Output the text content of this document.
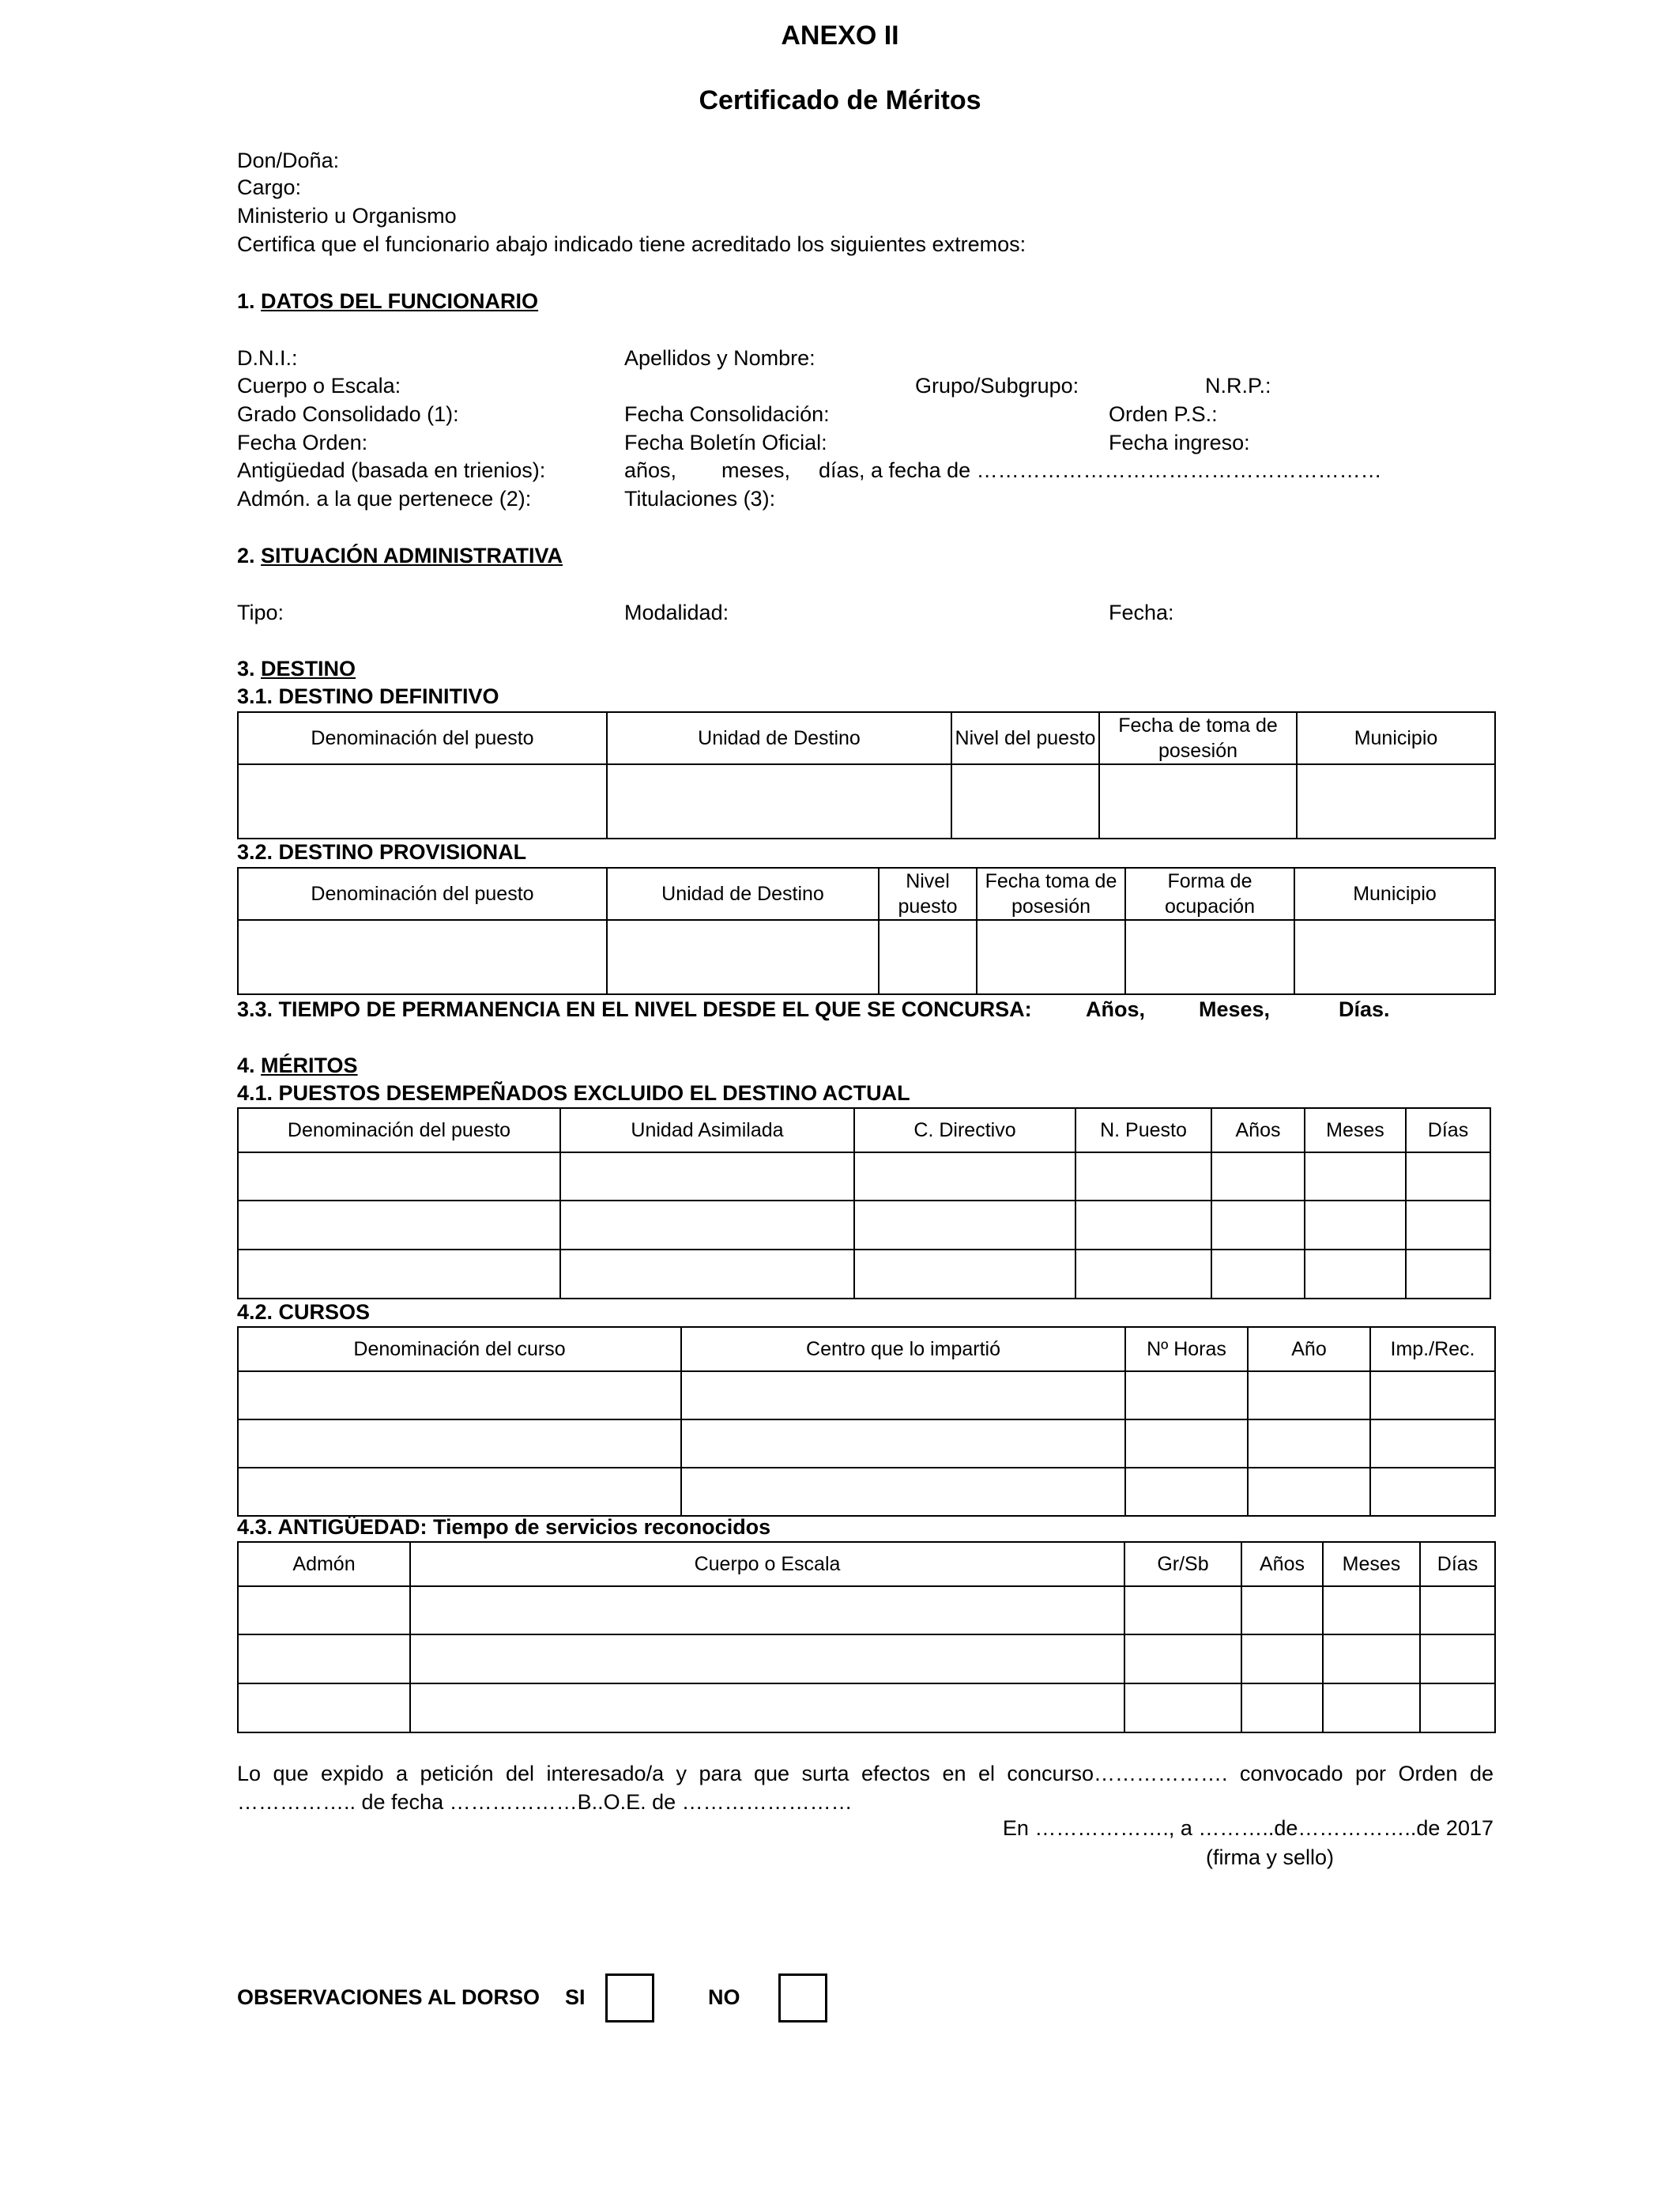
ANEXO II
Certificado de Méritos
Don/Doña:
Cargo:
Ministerio u Organismo
Certifica que el funcionario abajo indicado tiene acreditado los siguientes extremos:
1. DATOS DEL FUNCIONARIO
D.N.I.:	Apellidos y Nombre:
Cuerpo o Escala:	Grupo/Subgrupo:	N.R.P.:
Grado Consolidado (1):	Fecha Consolidación:	Orden P.S.:
Fecha Orden:	Fecha Boletín Oficial:	Fecha ingreso:
Antigüedad (basada en trienios):	años, meses, días, a fecha de …………………………………………………
Admón. a la que pertenece (2):	Titulaciones (3):
2. SITUACIÓN ADMINISTRATIVA
Tipo:	Modalidad:	Fecha:
3. DESTINO
3.1. DESTINO DEFINITIVO
Denominación del puesto	Unidad de Destino	Nivel del puesto	Fecha de toma de posesión	Municipio

3.2. DESTINO PROVISIONAL
Denominación del puesto	Unidad de Destino	Nivel puesto	Fecha toma de posesión	Forma de ocupación	Municipio

3.3. TIEMPO DE PERMANENCIA EN EL NIVEL DESDE EL QUE SE CONCURSA:	Años,	Meses,	Días.
4. MÉRITOS
4.1. PUESTOS DESEMPEÑADOS EXCLUIDO EL DESTINO ACTUAL
Denominación del puesto	Unidad Asimilada	C. Directivo	N. Puesto	Años	Meses	Días

4.2. CURSOS
Denominación del curso	Centro que lo impartió	Nº Horas	Año	Imp./Rec.

4.3. ANTIGÜEDAD: Tiempo de servicios reconocidos
Admón	Cuerpo o Escala	Gr/Sb	Años	Meses	Días

Lo que expido a petición del interesado/a y para que surta efectos en el concurso………………. convocado por Orden de …………….. de fecha ………………B..O.E. de ……………………
En ………………., a ………..de……………..de 2017
(firma y sello)
OBSERVACIONES AL DORSO SI	NO
